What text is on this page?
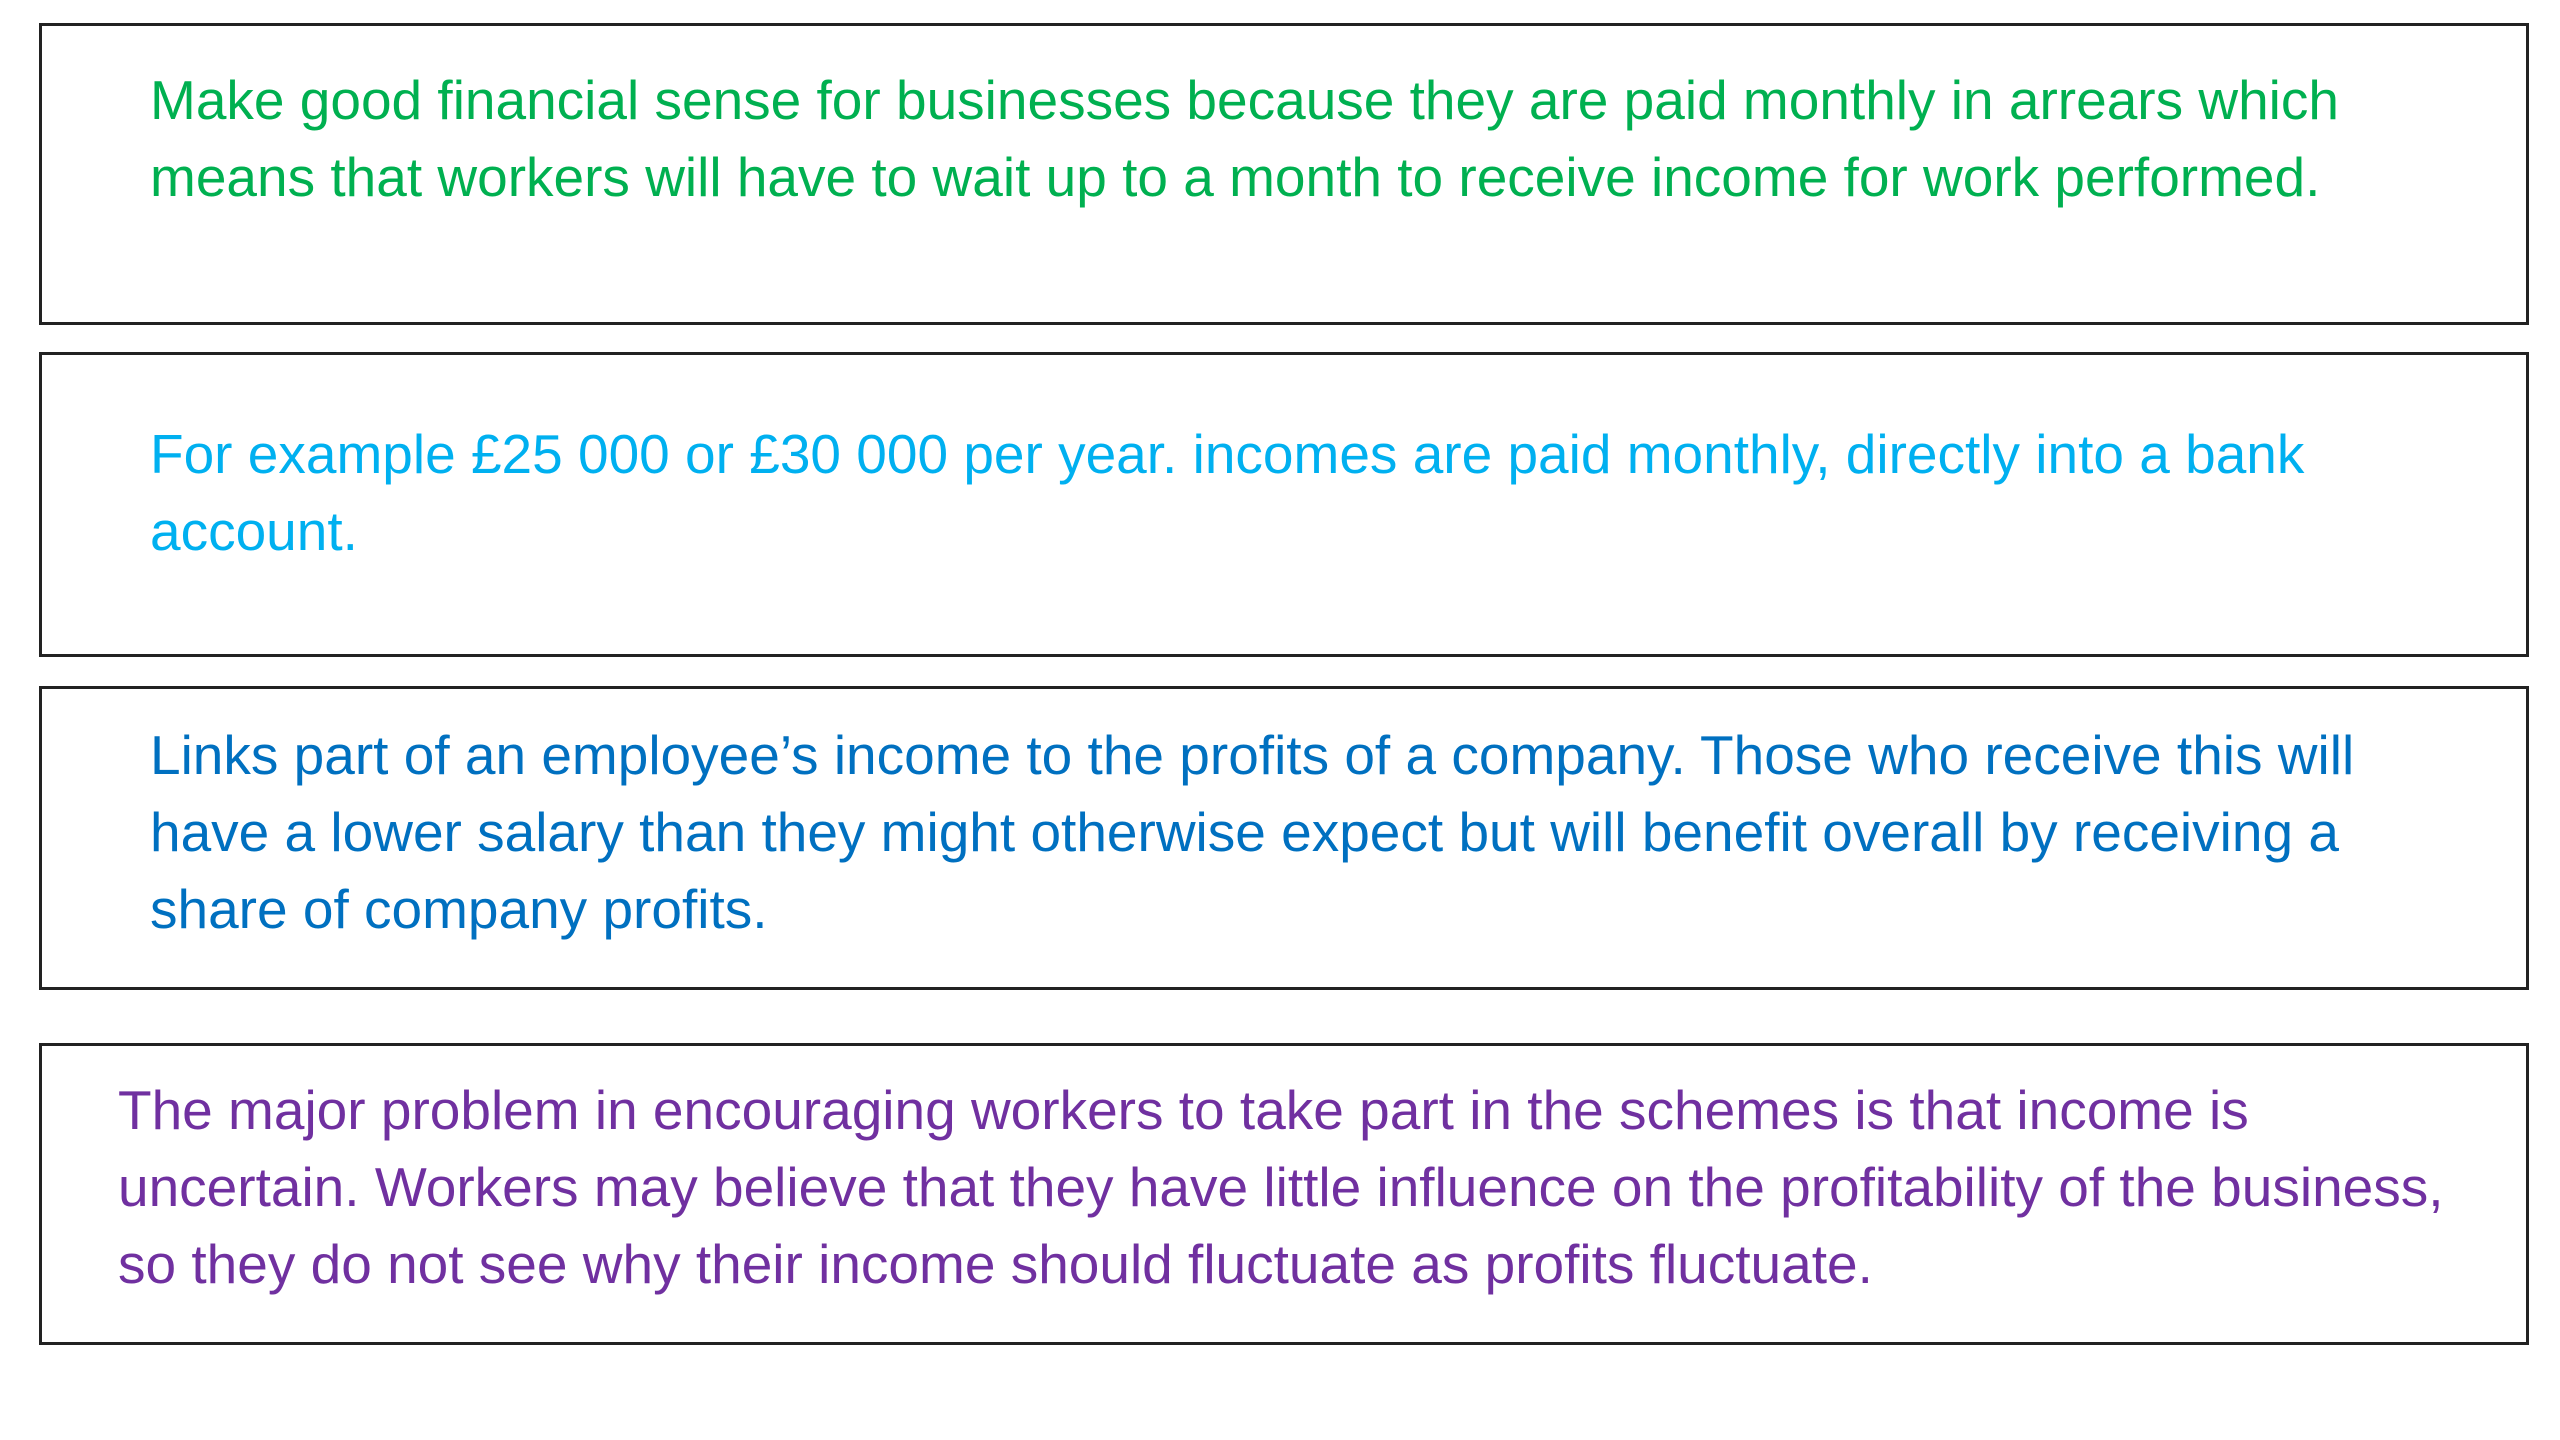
Make good financial sense for businesses because they are paid monthly in arrears which means that workers will have to wait up to a month to receive income for work performed.

For example £25 000 or £30 000 per year. incomes are paid monthly, directly into a bank account.

Links part of an employee’s income to the profits of a company. Those who receive this will have a lower salary than they might otherwise expect but will benefit overall by receiving a share of company profits.

The major problem in encouraging workers to take part in the schemes is that income is uncertain. Workers may believe that they have little influence on the profitability of the business, so they do not see why their income should fluctuate as profits fluctuate.
